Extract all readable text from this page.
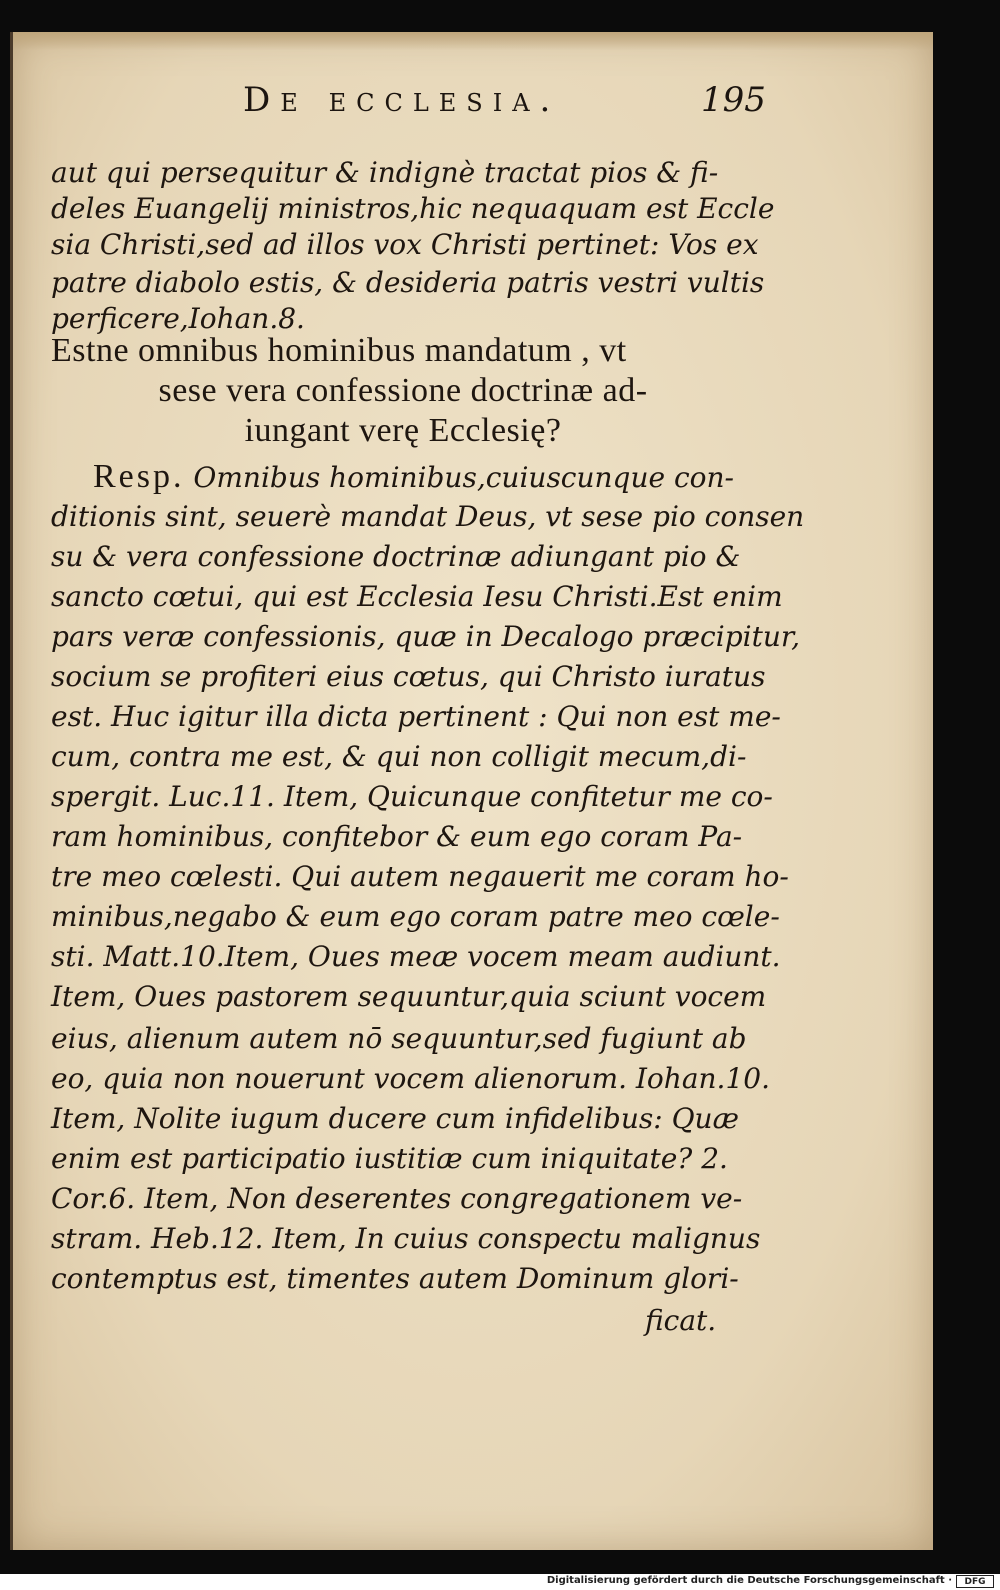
De ecclesia.	195
aut qui persequitur & indignè tractat pios & fi-
deles Euangelij ministros,hic nequaquam est Eccle
sia Christi,sed ad illos vox Christi pertinet: Vos ex
patre diabolo estis, & desideria patris vestri vultis
perficere,Iohan.8.
Estne omnibus hominibus mandatum , vt
sese vera confessione doctrinæ ad-
iungant verę Ecclesię?
Resp. Omnibus hominibus,cuiuscunque con-
ditionis sint, seuerè mandat Deus, vt sese pio consen
su & vera confessione doctrinæ adiungant pio &
sancto cœtui, qui est Ecclesia Iesu Christi.Est enim
pars veræ confessionis, quæ in Decalogo præcipitur,
socium se profiteri eius cœtus, qui Christo iuratus
est. Huc igitur illa dicta pertinent : Qui non est me-
cum, contra me est, & qui non colligit mecum,di-
spergit. Luc.11. Item, Quicunque confitetur me co-
ram hominibus, confitebor & eum ego coram Pa-
tre meo cœlesti. Qui autem negauerit me coram ho-
minibus,negabo & eum ego coram patre meo cœle-
sti. Matt.10.Item, Oues meæ vocem meam audiunt.
Item, Oues pastorem sequuntur,quia sciunt vocem
eius, alienum autem nō sequuntur,sed fugiunt ab
eo, quia non nouerunt vocem alienorum. Iohan.10.
Item, Nolite iugum ducere cum infidelibus: Quæ
enim est participatio iustitiæ cum iniquitate? 2.
Cor.6. Item, Non deserentes congregationem ve-
stram. Heb.12. Item, In cuius conspectu malignus
contemptus est, timentes autem Dominum glori-
ficat.
Digitalisierung gefördert durch die Deutsche Forschungsgemeinschaft ·	DFG
